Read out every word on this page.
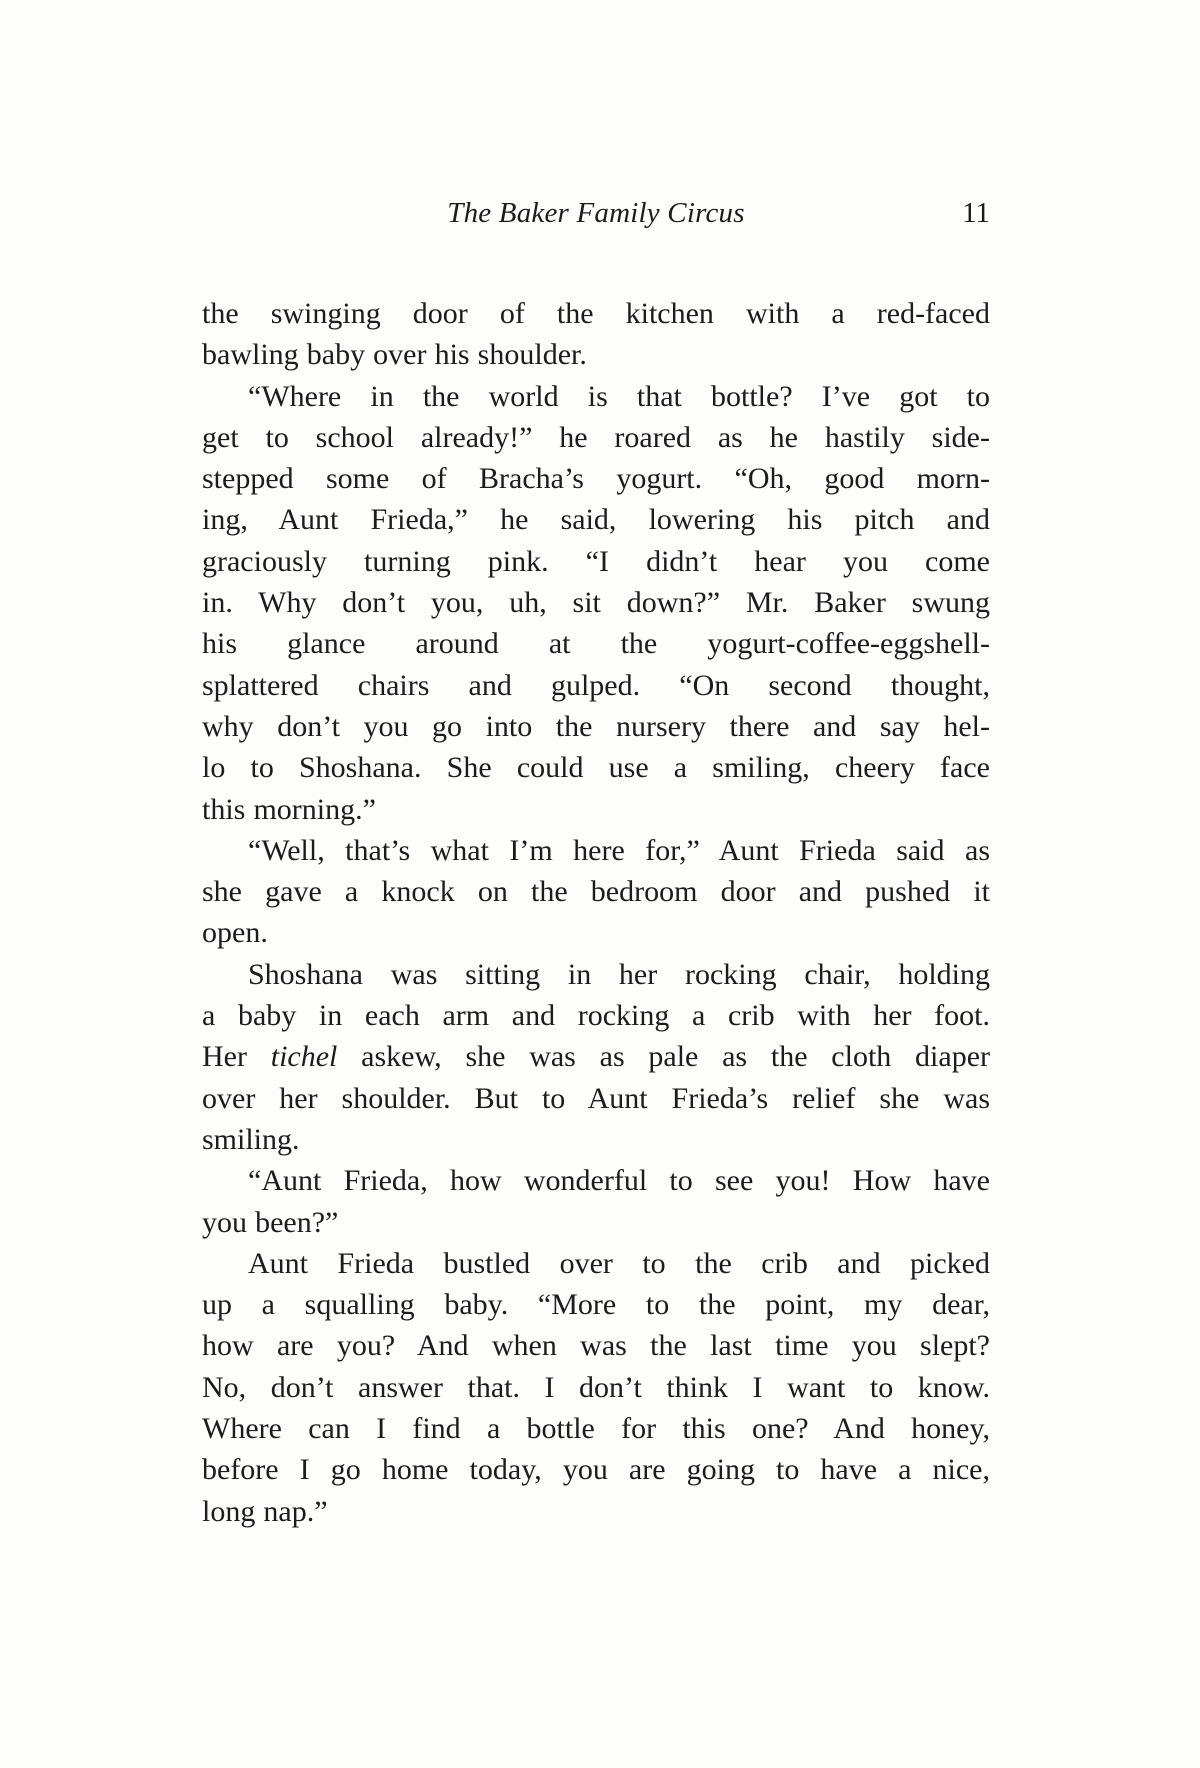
The Baker Family Circus	11
the swinging door of the kitchen with a red-faced
bawling baby over his shoulder.
“Where in the world is that bottle? I’ve got to
get to school already!” he roared as he hastily side-
stepped some of Bracha’s yogurt. “Oh, good morn-
ing, Aunt Frieda,” he said, lowering his pitch and
graciously turning pink. “I didn’t hear you come
in. Why don’t you, uh, sit down?” Mr. Baker swung
his glance around at the yogurt-coffee-eggshell-
splattered chairs and gulped. “On second thought,
why don’t you go into the nursery there and say hel-
lo to Shoshana. She could use a smiling, cheery face
this morning.”
“Well, that’s what I’m here for,” Aunt Frieda said as
she gave a knock on the bedroom door and pushed it
open.
Shoshana was sitting in her rocking chair, holding
a baby in each arm and rocking a crib with her foot.
Her tichel askew, she was as pale as the cloth diaper
over her shoulder. But to Aunt Frieda’s relief she was
smiling.
“Aunt Frieda, how wonderful to see you! How have
you been?”
Aunt Frieda bustled over to the crib and picked
up a squalling baby. “More to the point, my dear,
how are you? And when was the last time you slept?
No, don’t answer that. I don’t think I want to know.
Where can I find a bottle for this one? And honey,
before I go home today, you are going to have a nice,
long nap.”
